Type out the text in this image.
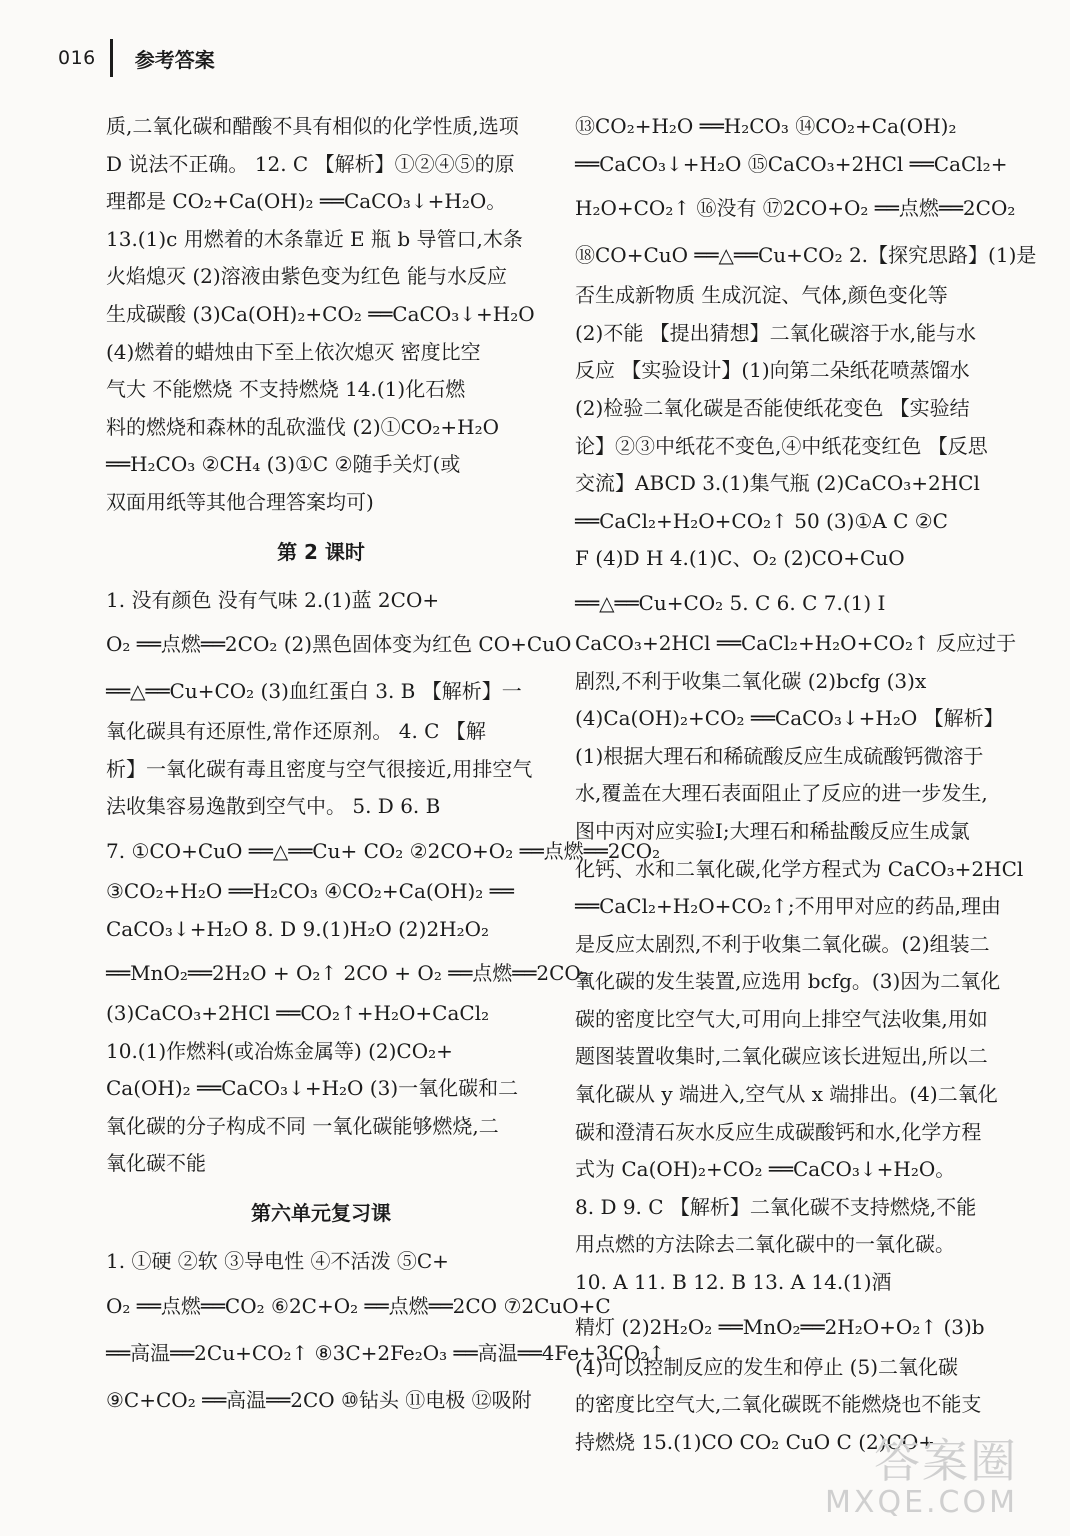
016 参考答案
质,二氧化碳和醋酸不具有相似的化学性质,选项
D 说法不正确。 12. C 【解析】①②④⑤的原
理都是 CO₂+Ca(OH)₂ ══CaCO₃↓+H₂O。
13.(1)c 用燃着的木条靠近 E 瓶 b 导管口,木条
火焰熄灭 (2)溶液由紫色变为红色 能与水反应
生成碳酸 (3)Ca(OH)₂+CO₂ ══CaCO₃↓+H₂O
(4)燃着的蜡烛由下至上依次熄灭 密度比空
气大 不能燃烧 不支持燃烧 14.(1)化石燃
料的燃烧和森林的乱砍滥伐 (2)①CO₂+H₂O
══H₂CO₃ ②CH₄ (3)①C ②随手关灯(或
双面用纸等其他合理答案均可)
第 2 课时
1. 没有颜色 没有气味 2.(1)蓝 2CO+
O₂ ══点燃══2CO₂ (2)黑色固体变为红色 CO+CuO
══△══Cu+CO₂ (3)血红蛋白 3. B 【解析】一
氧化碳具有还原性,常作还原剂。 4. C 【解
析】一氧化碳有毒且密度与空气很接近,用排空气
法收集容易逸散到空气中。 5. D 6. B
7. ①CO+CuO ══△══Cu+ CO₂ ②2CO+O₂ ══点燃══2CO₂
③CO₂+H₂O ══H₂CO₃ ④CO₂+Ca(OH)₂ ══
CaCO₃↓+H₂O 8. D 9.(1)H₂O (2)2H₂O₂
══MnO₂══2H₂O + O₂↑ 2CO + O₂ ══点燃══2CO₂
(3)CaCO₃+2HCl ══CO₂↑+H₂O+CaCl₂
10.(1)作燃料(或冶炼金属等) (2)CO₂+
Ca(OH)₂ ══CaCO₃↓+H₂O (3)一氧化碳和二
氧化碳的分子构成不同 一氧化碳能够燃烧,二
氧化碳不能
第六单元复习课
1. ①硬 ②软 ③导电性 ④不活泼 ⑤C+
O₂ ══点燃══CO₂ ⑥2C+O₂ ══点燃══2CO ⑦2CuO+C
══高温══2Cu+CO₂↑ ⑧3C+2Fe₂O₃ ══高温══4Fe+3CO₂↑
⑨C+CO₂ ══高温══2CO ⑩钻头 ⑪电极 ⑫吸附
⑬CO₂+H₂O ══H₂CO₃ ⑭CO₂+Ca(OH)₂
══CaCO₃↓+H₂O ⑮CaCO₃+2HCl ══CaCl₂+
H₂O+CO₂↑ ⑯没有 ⑰2CO+O₂ ══点燃══2CO₂
⑱CO+CuO ══△══Cu+CO₂ 2.【探究思路】(1)是
否生成新物质 生成沉淀、气体,颜色变化等
(2)不能 【提出猜想】二氧化碳溶于水,能与水
反应 【实验设计】(1)向第二朵纸花喷蒸馏水
(2)检验二氧化碳是否能使纸花变色 【实验结
论】②③中纸花不变色,④中纸花变红色 【反思
交流】ABCD 3.(1)集气瓶 (2)CaCO₃+2HCl
══CaCl₂+H₂O+CO₂↑ 50 (3)①A C ②C
F (4)D H 4.(1)C、O₂ (2)CO+CuO
══△══Cu+CO₂ 5. C 6. C 7.(1) Ⅰ
CaCO₃+2HCl ══CaCl₂+H₂O+CO₂↑ 反应过于
剧烈,不利于收集二氧化碳 (2)bcfg (3)x
(4)Ca(OH)₂+CO₂ ══CaCO₃↓+H₂O 【解析】
(1)根据大理石和稀硫酸反应生成硫酸钙微溶于
水,覆盖在大理石表面阻止了反应的进一步发生,
图中丙对应实验Ⅰ;大理石和稀盐酸反应生成氯
化钙、水和二氧化碳,化学方程式为 CaCO₃+2HCl
══CaCl₂+H₂O+CO₂↑;不用甲对应的药品,理由
是反应太剧烈,不利于收集二氧化碳。(2)组装二
氧化碳的发生装置,应选用 bcfg。(3)因为二氧化
碳的密度比空气大,可用向上排空气法收集,用如
题图装置收集时,二氧化碳应该长进短出,所以二
氧化碳从 y 端进入,空气从 x 端排出。(4)二氧化
碳和澄清石灰水反应生成碳酸钙和水,化学方程
式为 Ca(OH)₂+CO₂ ══CaCO₃↓+H₂O。
8. D 9. C 【解析】二氧化碳不支持燃烧,不能
用点燃的方法除去二氧化碳中的一氧化碳。
10. A 11. B 12. B 13. A 14.(1)酒
精灯 (2)2H₂O₂ ══MnO₂══2H₂O+O₂↑ (3)b
(4)可以控制反应的发生和停止 (5)二氧化碳
的密度比空气大,二氧化碳既不能燃烧也不能支
持燃烧 15.(1)CO CO₂ CuO C (2)CO+
答案圈
MXQE.COM
